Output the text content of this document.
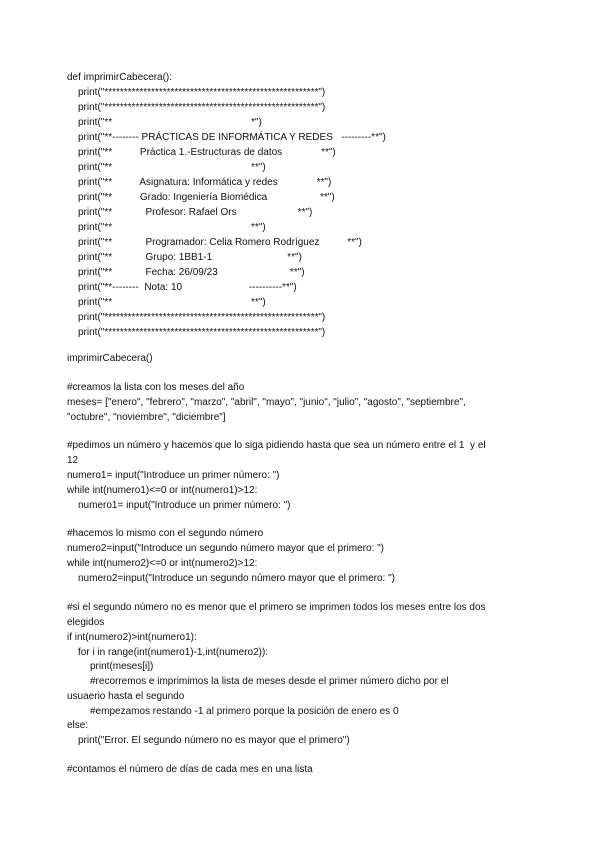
def imprimirCabecera():
print("*******************************************************")
print("*******************************************************")
print("**                                                  *")
print("**-------- PRÁCTICAS DE INFORMÁTICA Y REDES   ---------**")
print("**          Práctica 1.-Estructuras de datos              **")
print("**                                                  **")
print("**          Asignatura: Informática y redes              **")
print("**          Grado: Ingeniería Biomédica                   **")
print("**            Profesor: Rafael Ors                      **")
print("**                                                  **")
print("**            Programador: Celia Romero Rodríguez          **")
print("**            Grupo: 1BB1-1                           **")
print("**            Fecha: 26/09/23                          **")
print("**--------  Nota: 10                        ----------**")
print("**                                                  **")
print("*******************************************************")
print("*******************************************************")
imprimirCabecera()
#creamos la lista con los meses del año
meses= ["enero", "febrero", "marzo", "abril", "mayo", "junio", "julio", "agosto", "septiembre",
"octubre", "noviembre", "diciembre"]
#pedimos un número y hacemos que lo siga pidiendo hasta que sea un número entre el 1  y el
12
numero1= input("Introduce un primer número: ")
while int(numero1)<=0 or int(numero1)>12:
numero1= input("Introduce un primer número: ")
#hacemos lo mismo con el segundo número
numero2=input("Introduce un segundo número mayor que el primero: ")
while int(numero2)<=0 or int(numero2)>12:
numero2=input("Introduce un segundo número mayor que el primero: ")
#si el segundo número no es menor que el primero se imprimen todos los meses entre los dos
elegidos
if int(numero2)>int(numero1):
for i in range(int(numero1)-1,int(numero2)):
print(meses[i])
#recorremos e imprimimos la lista de meses desde el primer número dicho por el
usuaerio hasta el segundo
#empezamos restando -1 al primero porque la posición de enero es 0
else:
print("Error. El segundo número no es mayor que el primero")
#contamos el número de días de cada mes en una lista
